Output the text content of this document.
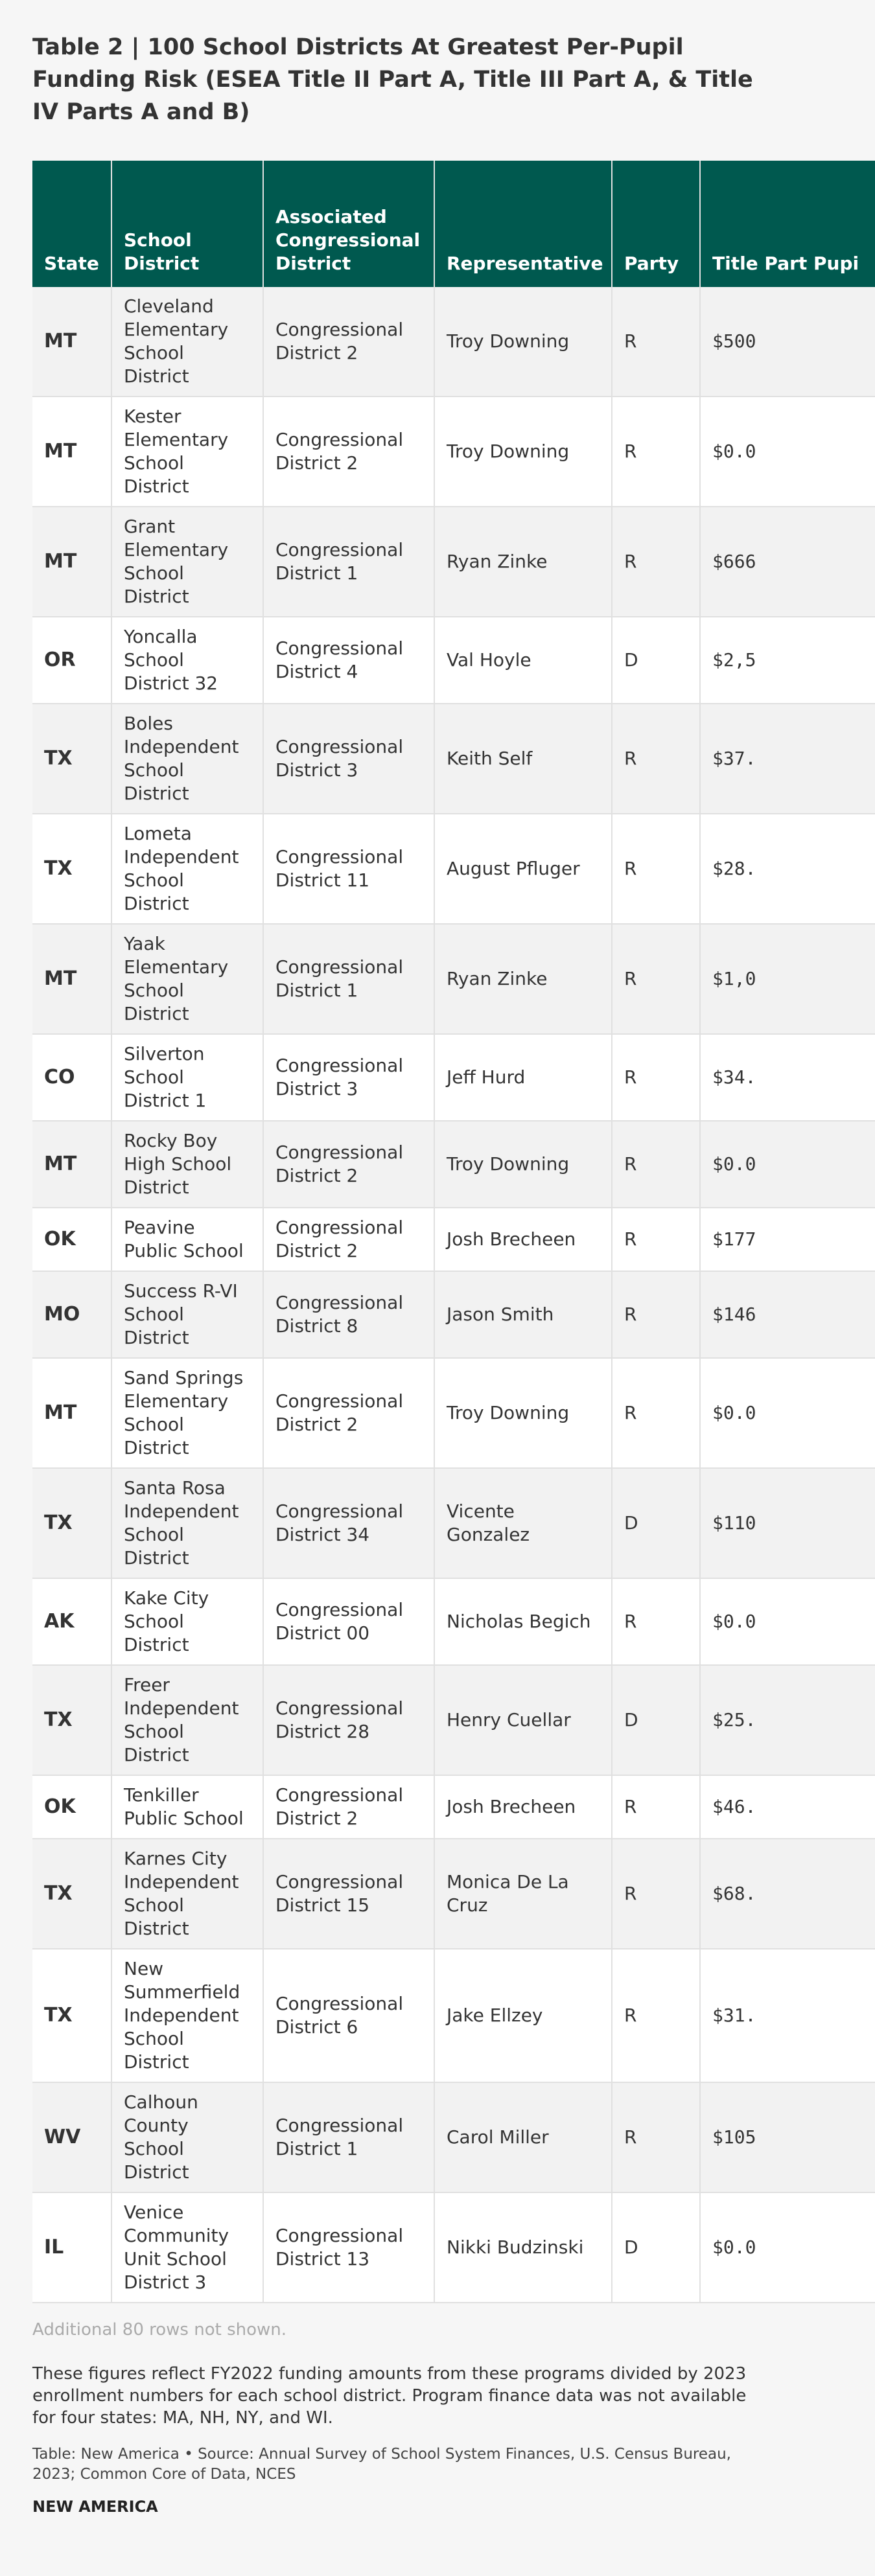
Table 2 | 100 School Districts At Greatest Per-Pupil Funding Risk (ESEA Title II Part A, Title III Part A, & Title IV Parts A and B)
State	School District	Associated Congressional District	Representative	Party	Title Part Pupi
MT	Cleveland Elementary School District	Congressional District 2	Troy Downing	R	$500
MT	Kester Elementary School District	Congressional District 2	Troy Downing	R	$0.0
MT	Grant Elementary School District	Congressional District 1	Ryan Zinke	R	$666
OR	Yoncalla School District 32	Congressional District 4	Val Hoyle	D	$2,5
TX	Boles Independent School District	Congressional District 3	Keith Self	R	$37.
TX	Lometa Independent School District	Congressional District 11	August Pfluger	R	$28.
MT	Yaak Elementary School District	Congressional District 1	Ryan Zinke	R	$1,0
CO	Silverton School District 1	Congressional District 3	Jeff Hurd	R	$34.
MT	Rocky Boy High School District	Congressional District 2	Troy Downing	R	$0.0
OK	Peavine Public School	Congressional District 2	Josh Brecheen	R	$177
MO	Success R-VI School District	Congressional District 8	Jason Smith	R	$146
MT	Sand Springs Elementary School District	Congressional District 2	Troy Downing	R	$0.0
TX	Santa Rosa Independent School District	Congressional District 34	Vicente Gonzalez	D	$110
AK	Kake City School District	Congressional District 00	Nicholas Begich	R	$0.0
TX	Freer Independent School District	Congressional District 28	Henry Cuellar	D	$25.
OK	Tenkiller Public School	Congressional District 2	Josh Brecheen	R	$46.
TX	Karnes City Independent School District	Congressional District 15	Monica De La Cruz	R	$68.
TX	New Summerfield Independent School District	Congressional District 6	Jake Ellzey	R	$31.
WV	Calhoun County School District	Congressional District 1	Carol Miller	R	$105
IL	Venice Community Unit School District 3	Congressional District 13	Nikki Budzinski	D	$0.0
Additional 80 rows not shown.

These figures reflect FY2022 funding amounts from these programs divided by 2023 enrollment numbers for each school district. Program finance data was not available for four states: MA, NH, NY, and WI.

Table: New America • Source: Annual Survey of School System Finances, U.S. Census Bureau, 2023; Common Core of Data, NCES

NEW AMERICA
